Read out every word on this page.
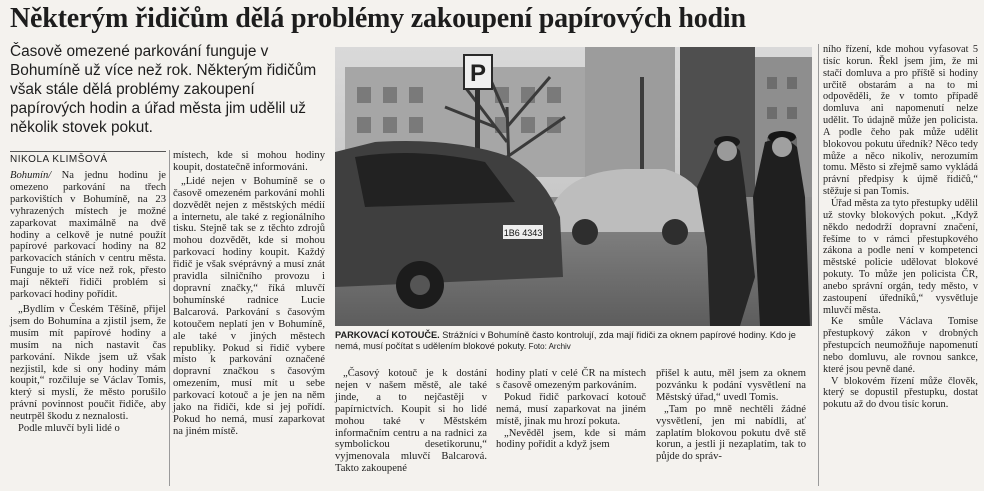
Některým řidičům dělá problémy zakoupení papírových hodin

Časově omezené parkování funguje v Bohumíně už více než rok. Některým řidičům však stále dělá problémy zakoupení papírových hodin a úřad města jim udělil už několik stovek pokut.

NIKOLA KLIMŠOVÁ

Bohumín/ Na jednu hodinu je omezeno parkování na třech parkovištích v Bohumíně, na 23 vyhrazených místech je možné zaparkovat maximálně na dvě hodiny a celkově je nutné použít papírové parkovací hodiny na 82 parkovacích stáních v centru města. Funguje to už více než rok, přesto mají někteří řidiči problém si parkovací hodiny pořídit.

„Bydlím v Českém Těšíně, přijel jsem do Bohumína a zjistil jsem, že musím mít papírové hodiny a musím na nich nastavit čas parkování. Nikde jsem už však nezjistil, kde si ony hodiny mám koupit,“ rozčiluje se Václav Tomis, který si myslí, že město porušilo právní povinnost poučit řidiče, aby neutrpěl škodu z neznalosti.

Podle mluvčí byli lidé o

místech, kde si mohou hodiny koupit, dostatečně informováni.

„Lidé nejen v Bohumíně se o časově omezeném parkování mohli dozvědět nejen z městských médií a internetu, ale také z regionálního tisku. Stejně tak se z těchto zdrojů mohou dozvědět, kde si mohou parkovací hodiny koupit. Každý řidič je však svéprávný a musí znát pravidla silničního provozu i dopravní značky,“ říká mluvčí bohumínské radnice Lucie Balcarová. Parkování s časovým kotoučem neplatí jen v Bohumíně, ale také v jiných městech republiky. Pokud si řidič vybere místo k parkování označené dopravní značkou s časovým omezením, musí mít u sebe parkovací kotouč a je jen na něm jako na řidiči, kde si jej pořídí. Pokud ho nemá, musí zaparkovat na jiném místě.

P
1B6 4343
PARKOVACÍ KOTOUČE. Strážníci v Bohumíně často kontrolují, zda mají řidiči za oknem papírové hodiny. Kdo je nemá, musí počítat s udělením blokové pokuty. Foto: Archiv

„Časový kotouč je k dostání nejen v našem městě, ale také jinde, a to nejčastěji v papírnictvích. Koupit si ho lidé mohou také v Městském informačním centru a na radnici za symbolickou desetikorunu,“ vyjmenovala mluvčí Balcarová. Takto zakoupené

hodiny platí v celé ČR na místech s časově omezeným parkováním.

Pokud řidič parkovací kotouč nemá, musí zaparkovat na jiném místě, jinak mu hrozí pokuta.

„Nevěděl jsem, kde si mám hodiny pořídit a když jsem

přišel k autu, měl jsem za oknem pozvánku k podání vysvětlení na Městský úřad,“ uvedl Tomis.

„Tam po mně nechtěli žádné vysvětlení, jen mi nabídli, ať zaplatím blokovou pokutu dvě stě korun, a jestli ji nezaplatím, tak to půjde do správ-

ního řízení, kde mohou vyfasovat 5 tisíc korun. Řekl jsem jim, že mi stačí domluva a pro příště si hodiny určitě obstarám a na to mi odpověděli, že v tomto případě domluva ani napomenutí nelze udělit. To údajně může jen policista. A podle čeho pak může udělit blokovou pokutu úředník? Něco tedy může a něco nikoliv, nerozumím tomu. Město si zřejmě samo vykládá právní předpisy k újmě řidičů,“ stěžuje si pan Tomis.

Úřad města za tyto přestupky udělil už stovky blokových pokut. „Když někdo nedodrží dopravní značení, řešíme to v rámci přestupkového zákona a podle není v kompetenci městské policie udělovat blokové pokuty. To může jen policista ČR, anebo správní orgán, tedy město, v zastoupení úředníků,“ vysvětluje mluvčí města.

Ke smůle Václava Tomise přestupkový zákon v drobných přestupcích neumožňuje napomenutí nebo domluvu, ale rovnou sankce, které jsou pevně dané.

V blokovém řízení může člověk, který se dopustil přestupku, dostat pokutu až do dvou tisíc korun.
